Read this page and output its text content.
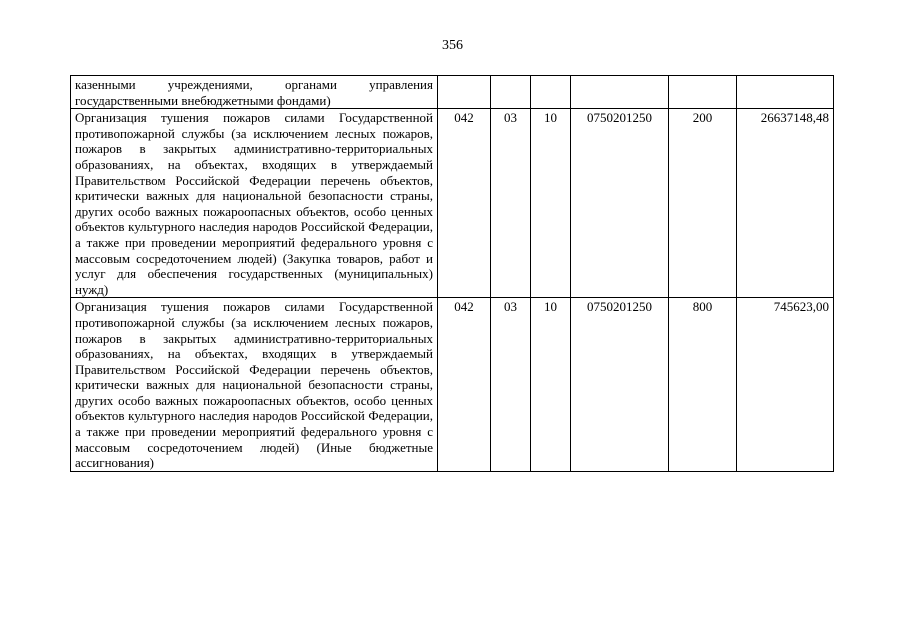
356
казенными учреждениями, органами управления государственными внебюджетными фондами)						
Организация тушения пожаров силами Государственной противопожарной службы (за исключением лесных пожаров, пожаров в закрытых административно-территориальных образованиях, на объектах, входящих в утверждаемый Правительством Российской Федерации перечень объектов, критически важных для национальной безопасности страны, других особо важных пожароопасных объектов, особо ценных объектов культурного наследия народов Российской Федерации, а также при проведении мероприятий федерального уровня с массовым сосредоточением людей) (Закупка товаров, работ и услуг для обеспечения государственных (муниципальных) нужд)	042	03	10	0750201250	200	26637148,48
Организация тушения пожаров силами Государственной противопожарной службы (за исключением лесных пожаров, пожаров в закрытых административно-территориальных образованиях, на объектах, входящих в утверждаемый Правительством Российской Федерации перечень объектов, критически важных для национальной безопасности страны, других особо важных пожароопасных объектов, особо ценных объектов культурного наследия народов Российской Федерации, а также при проведении мероприятий федерального уровня с массовым сосредоточением людей) (Иные бюджетные ассигнования)	042	03	10	0750201250	800	745623,00
